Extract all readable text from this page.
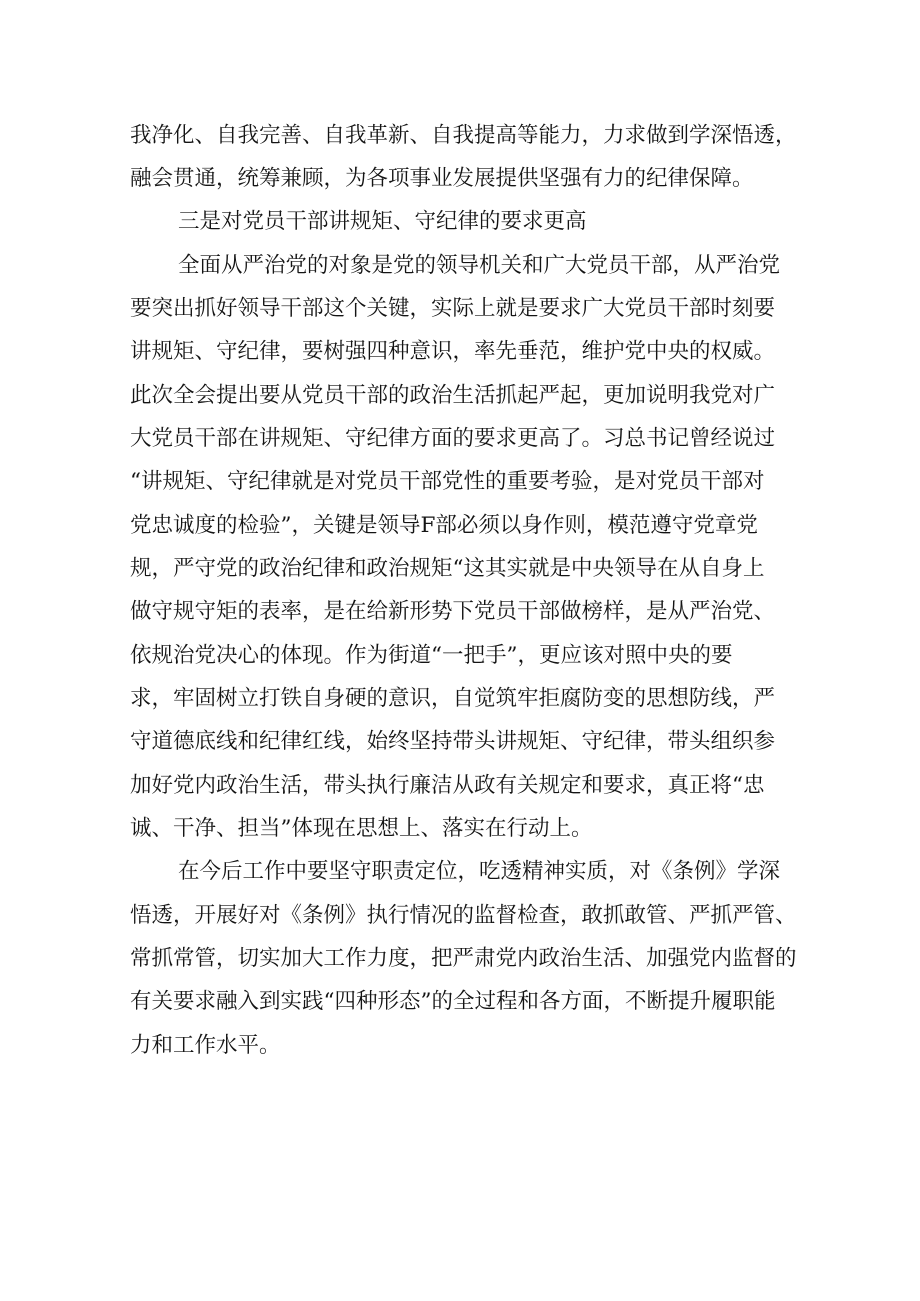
我净化、自我完善、自我革新、自我提高等能力，力求做到学深悟透，
融会贯通，统筹兼顾，为各项事业发展提供坚强有力的纪律保障。
三是对党员干部讲规矩、守纪律的要求更高
全面从严治党的对象是党的领导机关和广大党员干部，从严治党
要突出抓好领导干部这个关键，实际上就是要求广大党员干部时刻要
讲规矩、守纪律，要树强四种意识，率先垂范，维护党中央的权威。
此次全会提出要从党员干部的政治生活抓起严起，更加说明我党对广
大党员干部在讲规矩、守纪律方面的要求更高了。习总书记曾经说过
“讲规矩、守纪律就是对党员干部党性的重要考验，是对党员干部对
党忠诚度的检验”，关键是领导F部必须以身作则，模范遵守党章党
规，严守党的政治纪律和政治规矩“这其实就是中央领导在从自身上
做守规守矩的表率，是在给新形势下党员干部做榜样，是从严治党、
依规治党决心的体现。作为街道“一把手”，更应该对照中央的要
求，牢固树立打铁自身硬的意识，自觉筑牢拒腐防变的思想防线，严
守道德底线和纪律红线，始终坚持带头讲规矩、守纪律，带头组织参
加好党内政治生活，带头执行廉洁从政有关规定和要求，真正将“忠
诚、干净、担当”体现在思想上、落实在行动上。
在今后工作中要坚守职责定位，吃透精神实质，对《条例》学深
悟透，开展好对《条例》执行情况的监督检查，敢抓敢管、严抓严管、
常抓常管，切实加大工作力度，把严肃党内政治生活、加强党内监督的
有关要求融入到实践“四种形态”的全过程和各方面，不断提升履职能
力和工作水平。
